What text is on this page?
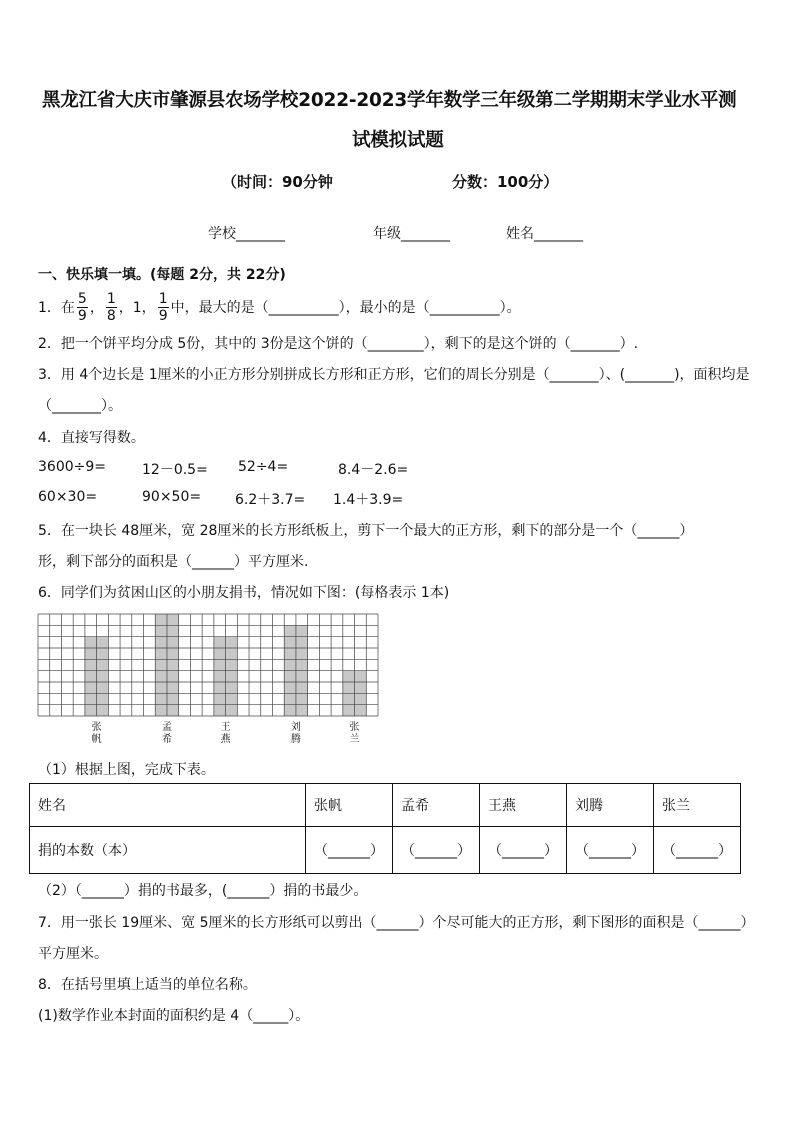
黑龙江省大庆市肇源县农场学校2022-2023学年数学三年级第二学期期末学业水平测
试模拟试题
（时间：90分钟	分数：100分）
学校_______	年级_______	姓名_______
一、快乐填一填。(每题 2分，共 22分)
1．在 $\frac{5}{9}$ ， $\frac{1}{8}$ ，1， $\frac{1}{9}$ 中，最大的是（__________），最小的是（__________）。
2．把一个饼平均分成 5份，其中的 3份是这个饼的（________），剩下的是这个饼的（_______）.
3．用 4个边长是 1厘米的小正方形分别拼成长方形和正方形，它们的周长分别是（_______）、(_______)，面积均是
（_______）。
4．直接写得数。
3600÷9=	12－0.5= 52÷4=	8.4－2.6=
60×30=	90×50= 6.2＋3.7= 1.4＋3.9=
5．在一块长 48厘米，宽 28厘米的长方形纸板上，剪下一个最大的正方形，剩下的部分是一个（______）
形，剩下部分的面积是（______）平方厘米.
6．同学们为贫困山区的小朋友捐书，情况如下图：(每格表示 1本)
张
帆
孟
希
王
燕
刘
腾
张
兰
（1）根据上图，完成下表。
姓名	张帆	孟希	王燕	刘腾	张兰
捐的本数（本）	（______）	（______）	（______）	（______）	（______）
（2）（______）捐的书最多，(______）捐的书最少。
7．用一张长 19厘米、宽 5厘米的长方形纸可以剪出（______）个尽可能大的正方形，剩下图形的面积是（______）
平方厘米。
8．在括号里填上适当的单位名称。
(1)数学作业本封面的面积约是 4（_____）。
